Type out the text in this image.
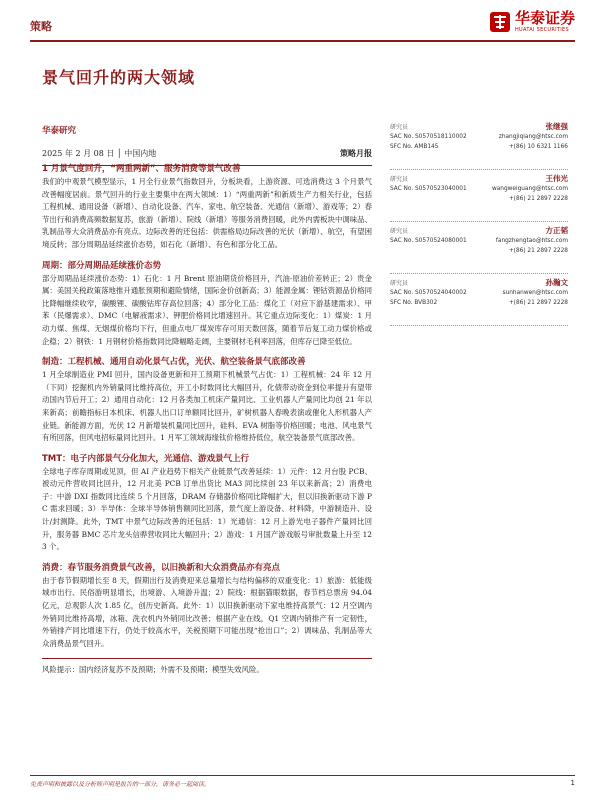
策略	华泰证券
HUATAI SECURITIES
景气回升的两大领域
华泰研究
2025 年 2 月 08 日 │ 中国内地	策略月报
1 月景气度回升，“两重两新”、服务消费等景气改善
我们的中观景气模型显示，1 月全行业景气指数回升，分板块看，上游资源、可选消费这 3 个月景气改善幅度居前。景气回升的行业主要集中在两大领域：1）“两重两新”和新质生产力相关行业，包括工程机械、通用设备（新增）、自动化设备、汽车、家电、航空装备、光通信（新增）、游戏等；2）春节出行和消费高频数据复苏，旅游（新增）、院线（新增）等服务消费回暖，此外内需板块中调味品、乳制品等大众消费品亦有亮点。边际改善的还包括：供需格局边际改善的光伏（新增）、航空，有望困境反转；部分周期品延续涨价态势，如石化（新增）、有色和部分化工品。
周期：部分周期品延续涨价态势
部分周期品延续涨价态势：1）石化：1 月 Brent 原油期货价格回升，汽油-原油价差转正；2）贵金属：美国关税政策落地推升通胀预期和避险情绪，国际金价创新高；3）能源金属：锂钴资源品价格同比降幅继续收窄，碳酸锂、碳酸钴库存高位回落；4）部分化工品：煤化工（对应下游基建需求）、甲苯（民爆需求）、DMC（电解液需求）、钾肥价格同比增速回升。其它重点边际变化：1）煤炭：1 月动力煤、焦煤、无烟煤价格均下行，但重点电厂煤炭库存可用天数回落，随着节后复工动力煤价格或企稳；2）钢铁：1 月钢材价格指数同比降幅略走阔，主要钢材毛利率回落，但库存已降至低位。
制造：工程机械、通用自动化景气占优，光伏、航空装备景气底部改善
1 月全球制造业 PMI 回升，国内设备更新和开工预期下机械景气占优：1）工程机械：24 年 12 月（下同）挖掘机内外销量同比维持高位，开工小时数同比大幅回升，化债带动资金到位率提升有望带动国内节后开工；2）通用自动化：12 月各类加工机床产量同比、工业机器人产量同比均创 21 年以来新高；前瞻指标日本机床、机器人出口订单额同比回升，矿树机器人春晚表演或催化人形机器人产业链。新能源方面，光伏 12 月新增装机量同比回升，硅料、EVA 树脂等价格回暖；电池、风电景气有所回落，但风电招标量同比回升。1 月军工领域海缘钛价格维持低位，航空装备景气底部改善。
TMT：电子内部景气分化加大，光通信、游戏景气上行
全球电子库存周期或见顶，但 AI 产业趋势下相关产业链景气改善延续：1）元件：12 月台股 PCB、被动元件营收同比回升，12 月北美 PCB 订单出货比 MA3 同比续创 23 年以来新高；2）消费电子：中游 DXI 指数同比连续 5 个月回落，DRAM 存储器价格同比降幅扩大，但以旧换新驱动下游 PC 需求回暖；3）半导体：全球半导体销售额同比回落，景气度上游设备、材料降，中游制造升、设计/封测降。此外，TMT 中景气边际改善的还包括：1）光通信：12 月上游光电子器件产量同比回升，服务器 BMC 芯片龙头信骅营收同比大幅回升；2）游戏：1 月国产游戏版号审批数量上升至 123 个。
消费：春节服务消费景气改善，以旧换新和大众消费品亦有亮点
由于春节假期增长至 8 天，假期出行及消费迎来总量增长与结构偏移的双重变化：1）旅游：低能级城市出行、民俗游明显增长，出境游、入境游升温；2）院线：根据猫眼数据，春节档总票房 94.04 亿元，总观影人次 1.85 亿，创历史新高。此外：1）以旧换新驱动下家电维持高景气：12 月空调内外销同比维持高增，冰箱、洗衣机内外销同比改善；根据产业在线，Q1 空调内销排产有一定韧性，外销排产同比增速下行，仍处于较高水平，关税预期下可能出现“抢出口”；2）调味品、乳制品等大众消费品景气回升。
风险提示：国内经济复苏不及预期；外需不及预期；模型失效风险。
研究员	张继强
SAC No. S0570518110002	zhangjiqiang@htsc.com
SFC No. AMB145	+(86) 10 6321 1166
研究员	王伟光
SAC No. S0570523040001	wangweiguang@htsc.com
+(86) 21 2897 2228
研究员	方正韬
SAC No. S0570524080001	fangzhengtao@htsc.com
+(86) 21 2897 2228
研究员	孙瀚文
SAC No. S0570524040002	sunhanwen@htsc.com
SFC No. BVB302	+(86) 21 2897 2228
免责声明和披露以及分析师声明是报告的一部分，请务必一起阅读。	1
